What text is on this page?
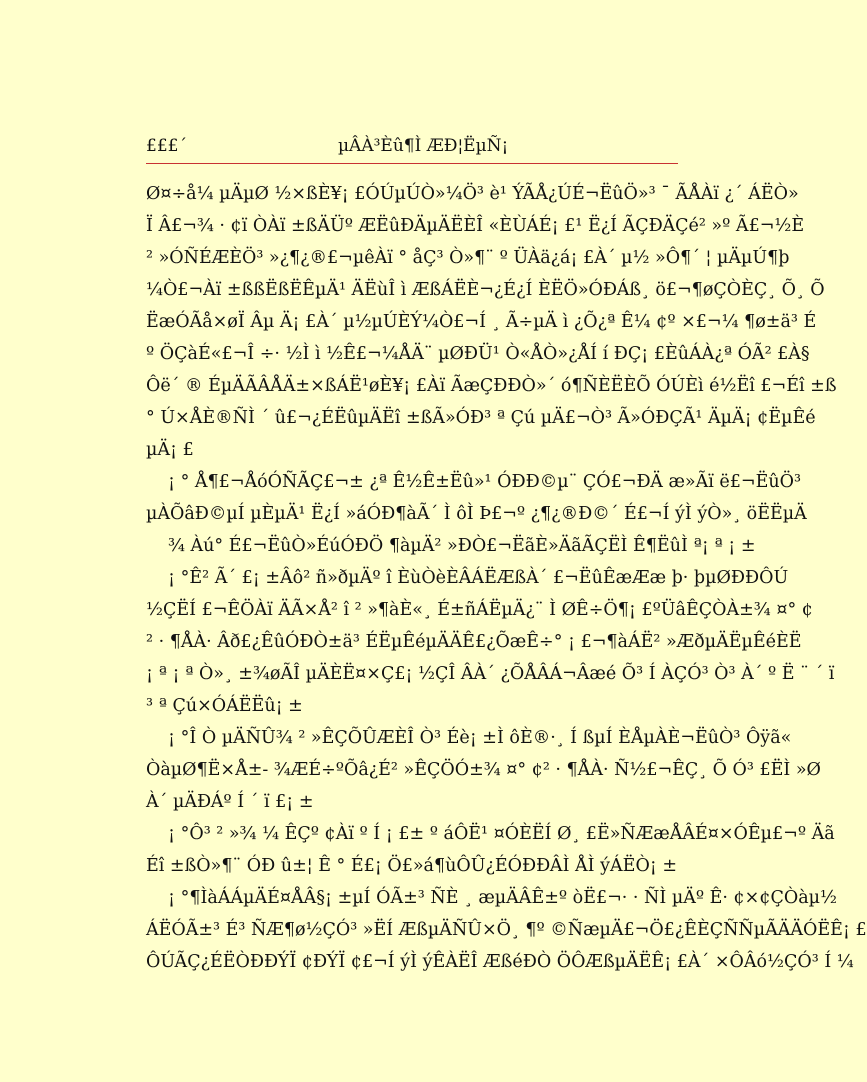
£££´	µÂÀ³Èû¶Ì ÆÐ¦ËµÑ¡
Ø¤÷å¼ µÄµØ ½×ßÈ¥¡ £ÓÚµÚÒ»¼Ö³ è¹ ÝÃÅ¿ÚÉ¬ËûÖ»³ ¯ ÃÅÀï ¿´ ÁËÒ»
Ï Â£¬¾ · ¢ï ÒÀï ±ßÄÜº ÆËûÐÄµÄËÈÎ «ÈÙÁÉ¡ £¹ Ë¿Í ÃÇÐÄÇé² »º Ã£¬½È
² »ÓÑÉÆÈÖ³ »¿¶¿®£¬µêÀï ° åÇ³ Ò»¶¨ º ÜÀä¿á¡ £À´ µ½ »Ô¶´ ¦ µÄµÚ¶þ
¼Ò£¬Àï ±ßßËßËÊµÄ¹ ÄËùÎ ì ÆßÁËÈ¬¿É¿Í ÈËÖ»ÓÐÁß¸ ö£¬¶øÇÒÈÇ¸ Õ¸ Õ
ËæÓÃå×øÏ Âµ Ä¡ £À´ µ½µÚÈÝ¼Ò£¬Í ¸ Ã÷µÄ ì ¿Õ¿ª Ê¼ ¢º ×£¬¼ ¶ø±ä³ É
º ÖÇàÉ«£¬Î ÷· ½Ì ì ½Ê£¬¼ÅÄ¨ µØÐÜ¹ Ò«ÅÒ»¿ÅÍ í ÐÇ¡ £ÈûÁÀ¿ª ÓÃ² £À§
Ôë´ ® ÉµÄÃÂÅÄ±×ßÁË¹øÈ¥¡ £Àï ÃæÇÐÐÒ»´ ó¶ÑÈËÈÕ ÓÚÈì é½Ëî £¬Éî ±ß
° Ú×ÅÈ®ÑÌ ´ û£¬¿ÉËûµÄËî ±ßÃ»ÓÐ³ ª Çú µÄ£¬Ò³ Ã»ÓÐÇÃ¹ ÄµÄ¡ ¢ËµÊé
µÄ¡ £
¡ ° Å¶£¬ÅóÓÑÃÇ£¬± ¿ª Ê½Ê±Ëû»¹ ÓÐÐ©µ¨ ÇÓ£¬ÐÄ æ»Ãï ë£¬ËûÖ³
µÀÕâÐ©µÍ µÈµÄ¹ Ë¿Í »áÓÐ¶àÃ´ Ì ôÌ Þ£¬º ¿¶¿®Ð©´ É£¬Í ýÌ ýÒ»¸ öËËµÄ
¾ Àú° É£¬ËûÒ»ÉúÓÐÖ ¶àµÄ² »ÐÒ£¬ËãÈ»ÄãÃÇËÌ Ê¶ËûÌ ª¡ ª ¡ ±
¡ °Ê² Ã´ £¡ ±Âô² ñ»ðµÄº î ÈùÒèÈÂÁËÆßÀ´ £¬ËûÊæÆæ þ· þµØÐÐÔÚ
½ÇËÍ £¬ÊÖÀï ÄÃ×Å² î ² »¶àÈ«¸ É±ñÁËµÄ¿¨ Ì ØÊ÷Ö¶¡ £ºÜâÊÇÒÀ±¾ ¤° ¢
² · ¶ÅÀ· Âð£¿ÊûÓÐÒ±ä³ ÉËµÊéµÄÄÊ£¿ÕæÊ÷° ¡ £¬¶àÁË² »ÆðµÄËµÊéÈË
¡ ª ¡ ª Ò»¸ ±¾øÃÎ µÄÈË¤×Ç£¡ ½ÇÎ ÂÀ´ ¿ÕÅÂÁ¬Âæé Õ³ Í ÀÇÓ³ Ò³ À´ º Ë ¨ ´ ï
³ ª Çú×ÓÁËËû¡ ±
¡ °Î Ò µÄÑÛ¾ ² »ÊÇÕÛÆÈÎ Ò³ Éè¡ ±Ì ôÈ®·¸ Í ßµÍ ÈÅµÀÈ¬ËûÒ³ Ôÿã«
ÒàµØ¶Ë×Å±- ¾ÆÉ÷ºÕâ¿É² »ÊÇÖÓ±¾ ¤° ¢² · ¶ÅÀ· Ñ½£¬ÊÇ¸ Õ Ó³ £ËÌ »Ø
À´ µÄÐÁº Í ´ ï £¡ ±
¡ °Ô³ ² »¾ ¼ ÊÇº ¢Àï º Í ¡ £± º áÔË¹ ¤ÓÈËÍ Ø¸ £Ë»ÑÆæÅÂÉ¤×ÓÊµ£¬º Äã
Éî ±ßÒ»¶¨ ÓÐ û±¦ Ê ° É£¡ Ö£»á¶ùÔÛ¿ÉÓÐÐÂÌ ÅÌ ýÁËÒ¡ ±
¡ °¶ÌàÁÁµÄÉ¤ÅÂ§¡ ±µÍ ÓÃ±³ ÑÈ ¸ æµÄÂÊ±º òË£¬· · ÑÌ µÄº Ê· ¢×¢ÇÒàµ½
ÁËÓÃ±³ É³ ÑÆ¶ø½ÇÓ³ »ËÍ ÆßµÄÑÛ×Ö¸ ¶º ©ÑæµÄ£¬Ö£¿ÊÈÇÑÑµÃÄÄÓËÊ¡ £
ÔÚÃÇ¿ÉËÒÐÐÝÏ ¢ÐÝÏ ¢£¬Í ýÌ ýÊÀËÎ ÆßéÐÒ ÖÔÆßµÄËÊ¡ £À´ ×ÔÂó½ÇÓ³ Í ¼
